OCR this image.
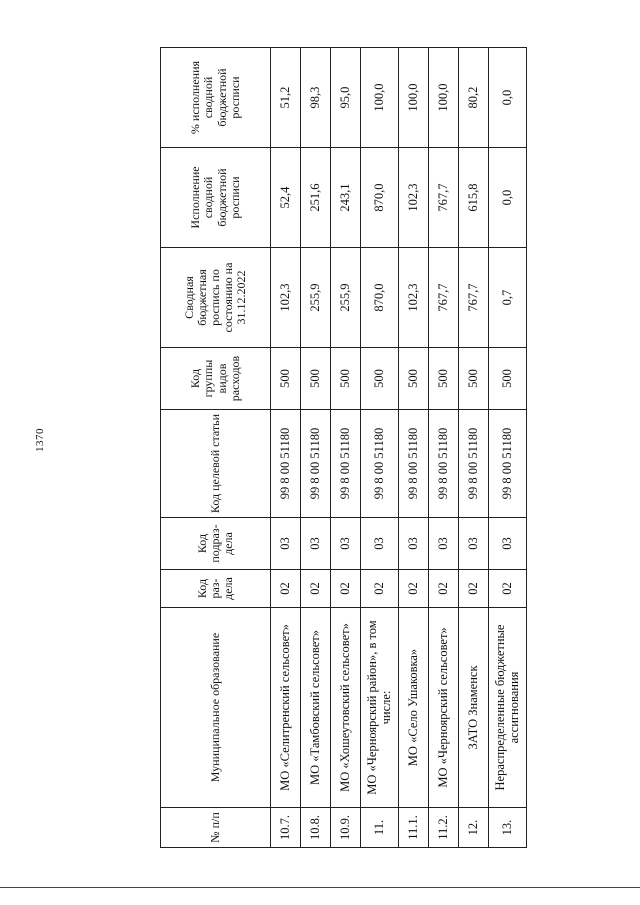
1370
№ п/п	Муниципальное образование	Код раз- дела	Код подраз- дела	Код целевой статьи	Код группы видов расходов	Сводная бюджетная роспись по состоянию на 31.12.2022	Исполнение сводной бюджетной росписи	% исполнения сводной бюджетной росписи
10.7.	МО «Селитренский сельсовет»	02	03	99 8 00 51180	500	102,3	52,4	51,2
10.8.	МО «Тамбовский сельсовет»	02	03	99 8 00 51180	500	255,9	251,6	98,3
10.9.	МО «Хошеутовский сельсовет»	02	03	99 8 00 51180	500	255,9	243,1	95,0
11.	МО «Черноярский район», в том числе:	02	03	99 8 00 51180	500	870,0	870,0	100,0
11.1.	МО «Село Ушаковка»	02	03	99 8 00 51180	500	102,3	102,3	100,0
11.2.	МО «Черноярский сельсовет»	02	03	99 8 00 51180	500	767,7	767,7	100,0
12.	ЗАТО Знаменск	02	03	99 8 00 51180	500	767,7	615,8	80,2
13.	Нераспределенные бюджетные ассигнования	02	03	99 8 00 51180	500	0,7	0,0	0,0
